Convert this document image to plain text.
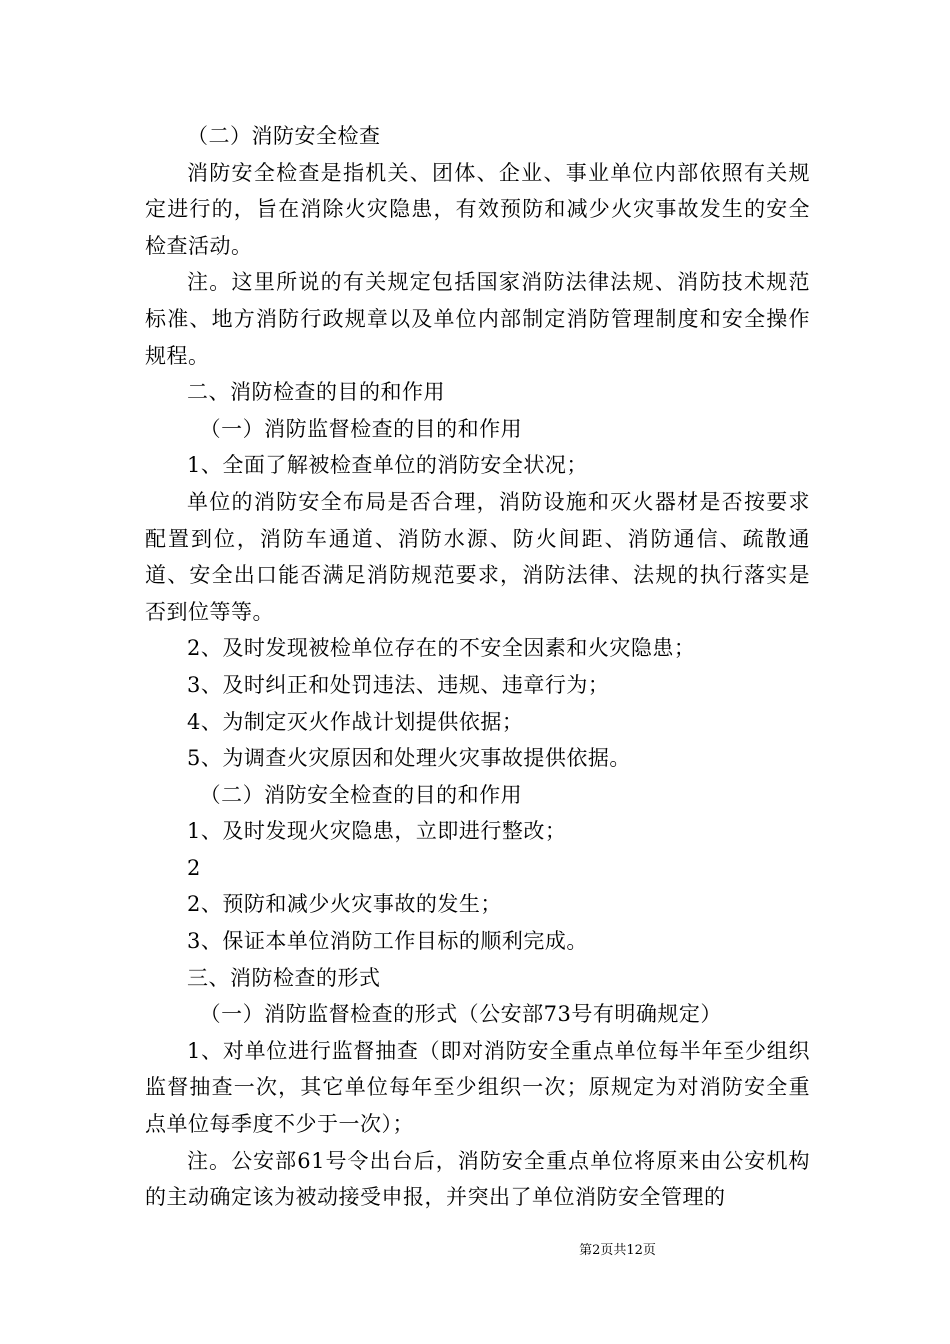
（二）消防安全检查

消防安全检查是指机关、团体、企业、事业单位内部依照有关规定进行的，旨在消除火灾隐患，有效预防和减少火灾事故发生的安全检查活动。

注。这里所说的有关规定包括国家消防法律法规、消防技术规范标准、地方消防行政规章以及单位内部制定消防管理制度和安全操作规程。

二、消防检查的目的和作用

（一）消防监督检查的目的和作用

1、全面了解被检查单位的消防安全状况；

单位的消防安全布局是否合理，消防设施和灭火器材是否按要求配置到位，消防车通道、消防水源、防火间距、消防通信、疏散通道、安全出口能否满足消防规范要求，消防法律、法规的执行落实是否到位等等。

2、及时发现被检单位存在的不安全因素和火灾隐患；

3、及时纠正和处罚违法、违规、违章行为；

4、为制定灭火作战计划提供依据；

5、为调查火灾原因和处理火灾事故提供依据。

（二）消防安全检查的目的和作用

1、及时发现火灾隐患，立即进行整改；

2

2、预防和减少火灾事故的发生；

3、保证本单位消防工作目标的顺利完成。

三、消防检查的形式

（一）消防监督检查的形式（公安部73号有明确规定）

1、对单位进行监督抽查（即对消防安全重点单位每半年至少组织监督抽查一次，其它单位每年至少组织一次；原规定为对消防安全重点单位每季度不少于一次）；

注。公安部61号令出台后，消防安全重点单位将原来由公安机构的主动确定该为被动接受申报，并突出了单位消防安全管理的

第2页共12页
